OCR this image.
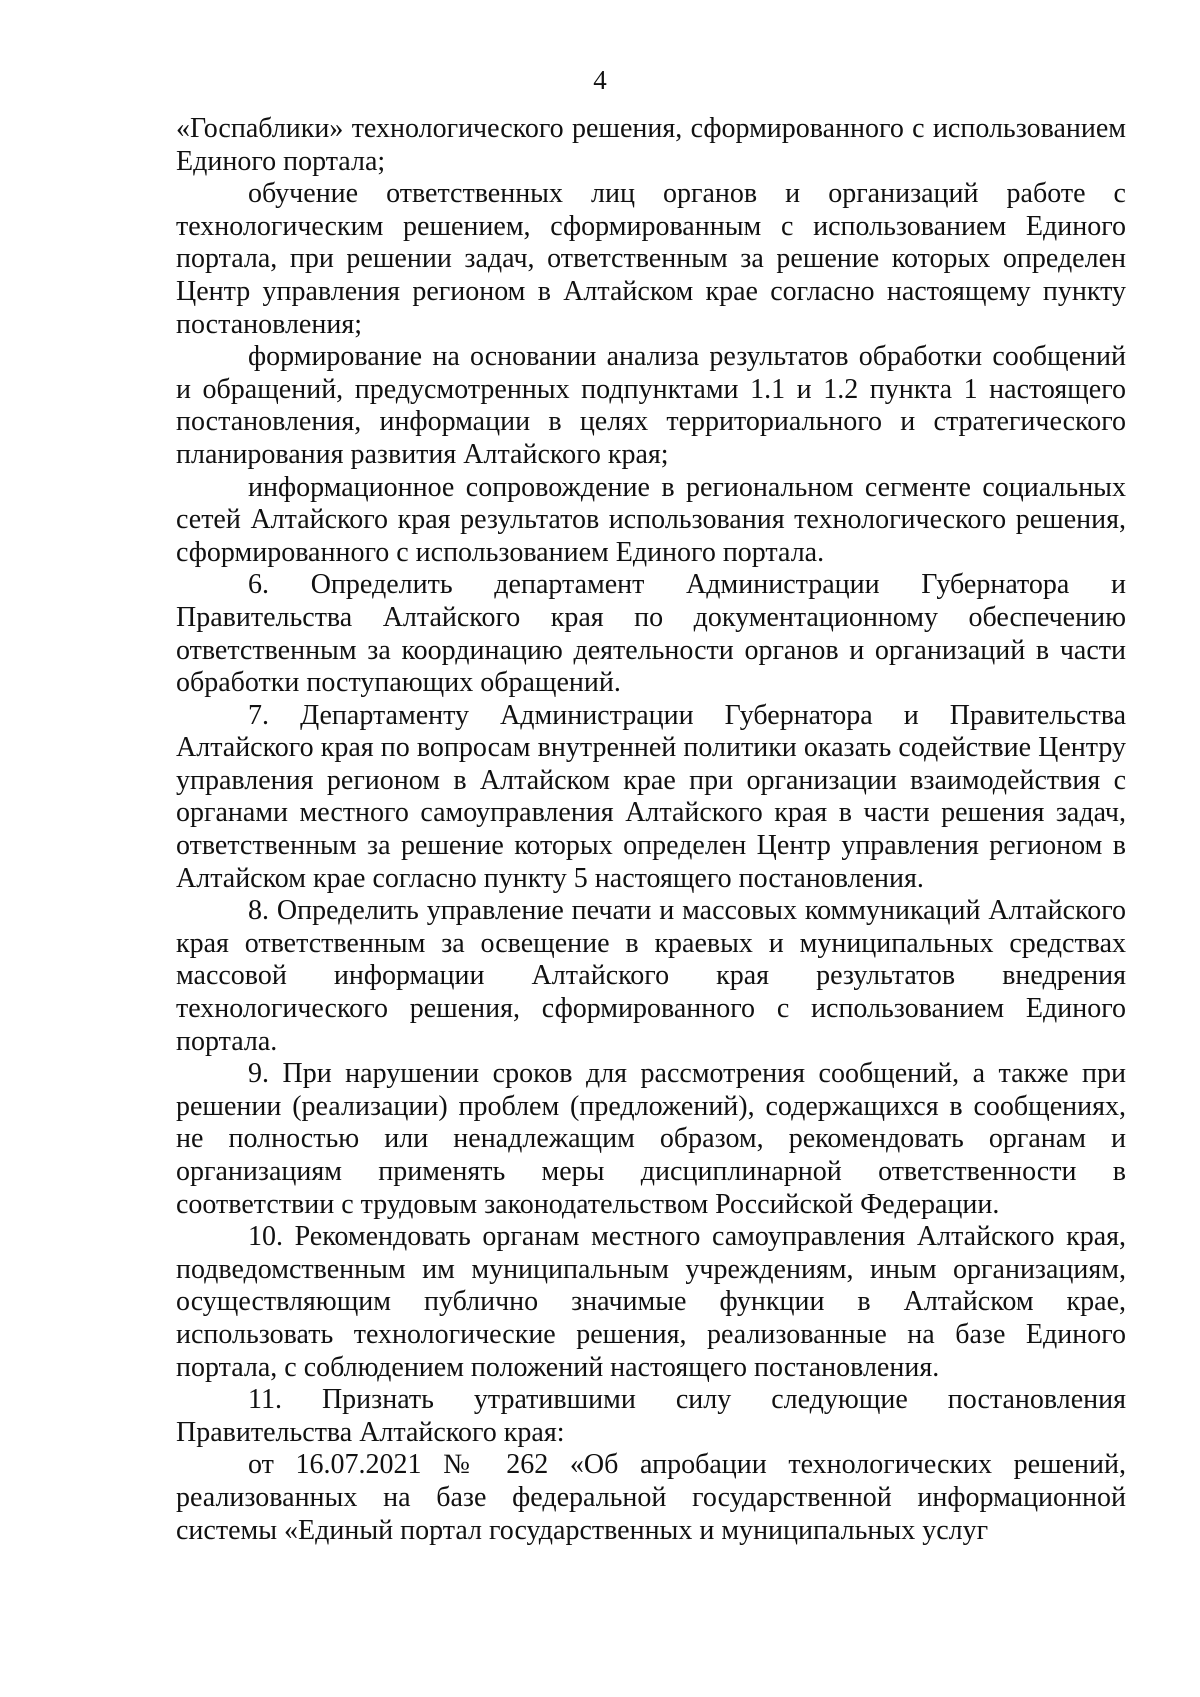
4

«Госпаблики» технологического решения, сформированного с использованием Единого портала;

обучение ответственных лиц органов и организаций работе с технологическим решением, сформированным с использованием Единого портала, при решении задач, ответственным за решение которых определен Центр управления регионом в Алтайском крае согласно настоящему пункту постановления;

формирование на основании анализа результатов обработки сообщений и обращений, предусмотренных подпунктами 1.1 и 1.2 пункта 1 настоящего постановления, информации в целях территориального и стратегического планирования развития Алтайского края;

информационное сопровождение в региональном сегменте социальных сетей Алтайского края результатов использования технологического решения, сформированного с использованием Единого портала.

6. Определить департамент Администрации Губернатора и Правительства Алтайского края по документационному обеспечению ответственным за координацию деятельности органов и организаций в части обработки поступающих обращений.

7. Департаменту Администрации Губернатора и Правительства Алтайского края по вопросам внутренней политики оказать содействие Центру управления регионом в Алтайском крае при организации взаимодействия с органами местного самоуправления Алтайского края в части решения задач, ответственным за решение которых определен Центр управления регионом в Алтайском крае согласно пункту 5 настоящего постановления.

8. Определить управление печати и массовых коммуникаций Алтайского края ответственным за освещение в краевых и муниципальных средствах массовой информации Алтайского края результатов внедрения технологического решения, сформированного с использованием Единого портала.

9. При нарушении сроков для рассмотрения сообщений, а также при решении (реализации) проблем (предложений), содержащихся в сообщениях, не полностью или ненадлежащим образом, рекомендовать органам и организациям применять меры дисциплинарной ответственности в соответствии с трудовым законодательством Российской Федерации.

10. Рекомендовать органам местного самоуправления Алтайского края, подведомственным им муниципальным учреждениям, иным организациям, осуществляющим публично значимые функции в Алтайском крае, использовать технологические решения, реализованные на базе Единого портала, с соблюдением положений настоящего постановления.

11. Признать утратившими силу следующие постановления Правительства Алтайского края:

от 16.07.2021 № 262 «Об апробации технологических решений, реализованных на базе федеральной государственной информационной системы «Единый портал государственных и муниципальных услуг
